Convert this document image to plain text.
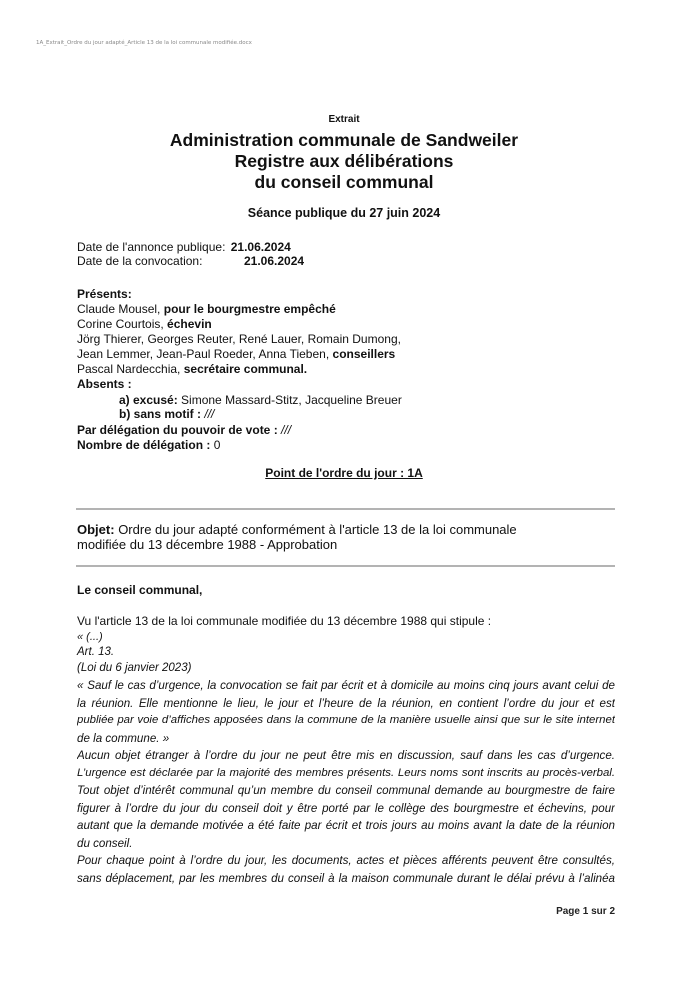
1A_Extrait_Ordre du jour adapté_Article 13 de la loi communale modifiée.docx
Extrait
Administration communale de Sandweiler
Registre aux délibérations
du conseil communal
Séance publique du 27 juin 2024
Date de l'annonce publique: 21.06.2024
Date de la convocation:	21.06.2024
Présents:
Claude Mousel, pour le bourgmestre empêché
Corine Courtois, échevin
Jörg Thierer, Georges Reuter, René Lauer, Romain Dumong,
Jean Lemmer, Jean-Paul Roeder, Anna Tieben, conseillers
Pascal Nardecchia, secrétaire communal.
Absents :
a) excusé: Simone Massard-Stitz, Jacqueline Breuer
b) sans motif : ///
Par délégation du pouvoir de vote : ///
Nombre de délégation : 0
Point de l'ordre du jour : 1A
Objet: Ordre du jour adapté conformément à l'article 13 de la loi communale
modifiée du 13 décembre 1988 - Approbation
Le conseil communal,
Vu l'article 13 de la loi communale modifiée du 13 décembre 1988 qui stipule :
« (...)
Art. 13.
(Loi du 6 janvier 2023)
« Sauf le cas d’urgence, la convocation se fait par écrit et à domicile au moins cinq jours avant celui de
la réunion. Elle mentionne le lieu, le jour et l’heure de la réunion, en contient l’ordre du jour et est
publiée par voie d’affiches apposées dans la commune de la manière usuelle ainsi que sur le site internet
de la commune. »
Aucun objet étranger à l’ordre du jour ne peut être mis en discussion, sauf dans les cas d’urgence.
L’urgence est déclarée par la majorité des membres présents. Leurs noms sont inscrits au procès-verbal.
Tout objet d’intérêt communal qu’un membre du conseil communal demande au bourgmestre de faire
figurer à l’ordre du jour du conseil doit y être porté par le collège des bourgmestre et échevins, pour
autant que la demande motivée a été faite par écrit et trois jours au moins avant la date de la réunion
du conseil.
Pour chaque point à l’ordre du jour, les documents, actes et pièces afférents peuvent être consultés,
sans déplacement, par les membres du conseil à la maison communale durant le délai prévu à l’alinéa
Page 1 sur 2
